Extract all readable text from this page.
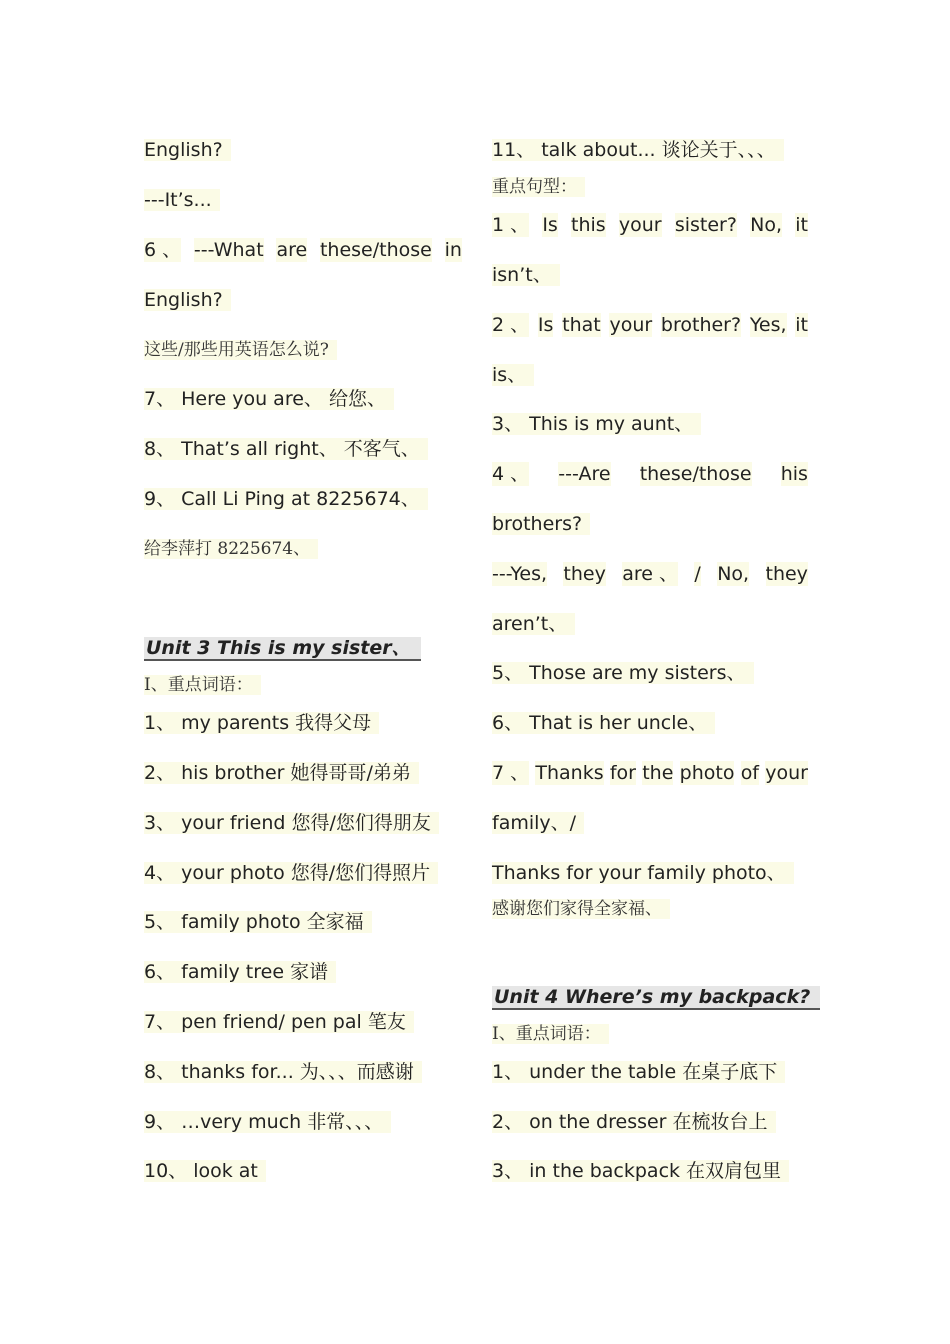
English?
---It’s...
6 、 ---What are these/those in
English?
这些/那些用英语怎么说?
7、 Here you are、 给您、
8、 That’s all right、 不客气、
9、 Call Li Ping at 8225674、
给李萍打 8225674、
Unit 3 This is my sister、
Ⅰ、重点词语：
1、 my parents 我得父母
2、 his brother 她得哥哥/弟弟
3、 your friend 您得/您们得朋友
4、 your photo 您得/您们得照片
5、 family photo 全家福
6、 family tree 家谱
7、 pen friend/ pen pal 笔友
8、 thanks for... 为、、、而感谢
9、 …very much 非常、、、
10、 look at
11、 talk about... 谈论关于、、、
重点句型：
1 、 Is this your sister? No, it
isn’t、
2 、 Is that your brother? Yes, it
is、
3、 This is my aunt、
4 、 ---Are these/those his
brothers?
---Yes, they are 、 / No, they
aren’t、
5、 Those are my sisters、
6、 That is her uncle、
7 、 Thanks for the photo of your
family、/
Thanks for your family photo、
感谢您们家得全家福、
Unit 4 Where’s my backpack?
Ⅰ、重点词语：
1、 under the table 在桌子底下
2、 on the dresser 在梳妆台上
3、 in the backpack 在双肩包里
